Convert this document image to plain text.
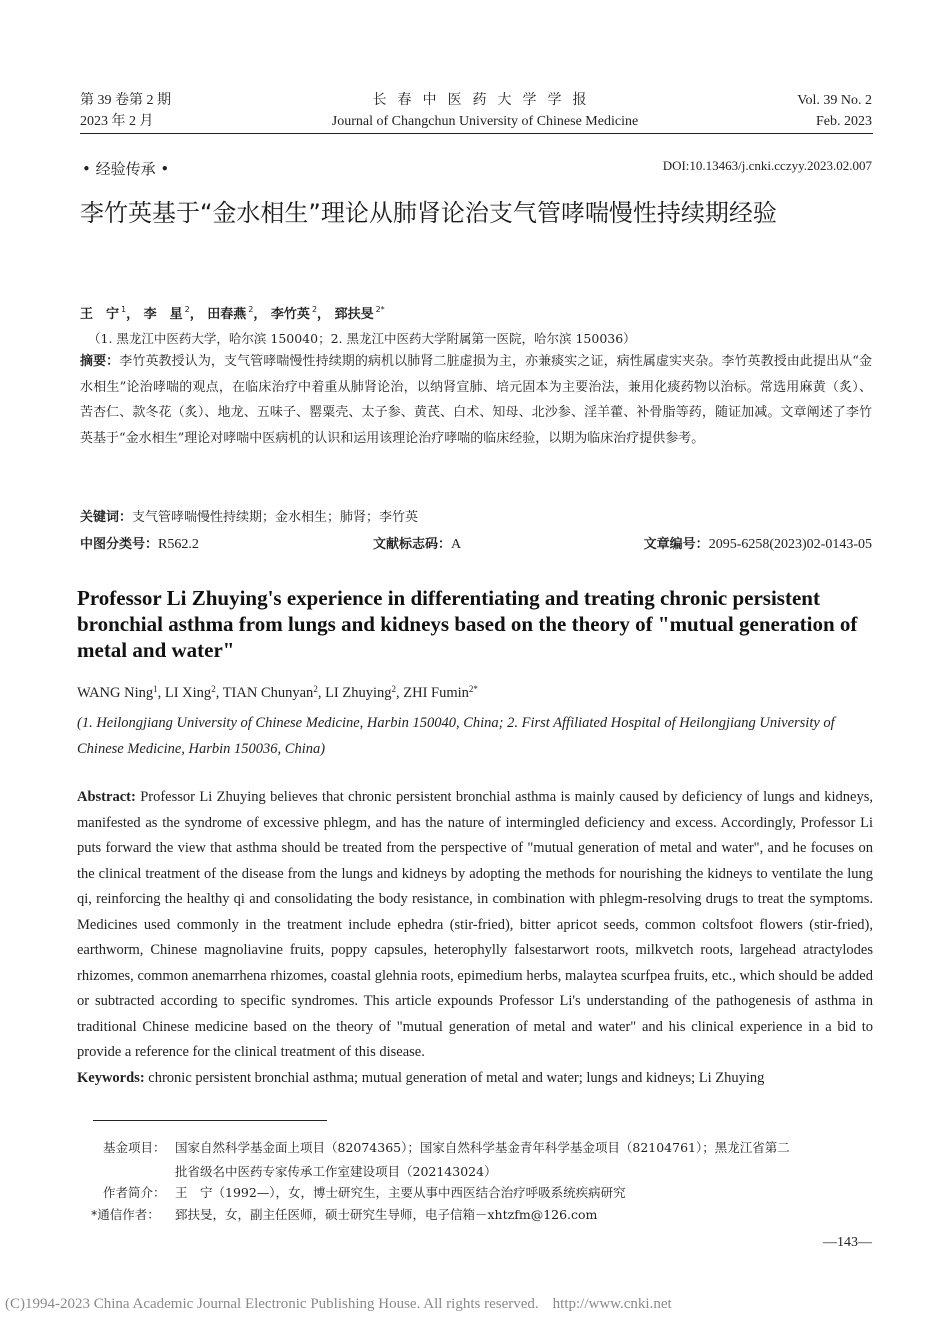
第 39 卷第 2 期
2023 年 2 月
长春中医药大学学报
Journal of Changchun University of Chinese Medicine
Vol. 39 No. 2
Feb. 2023
• 经验传承 •	DOI:10.13463/j.cnki.cczyy.2023.02.007
李竹英基于“金水相生”理论从肺肾论治支气管哮喘慢性持续期经验
王　宁 $^1$， 李　星 $^2$， 田春燕 $^2$， 李竹英 $^2$， 郅扶旻 $^{2*}$
（1. 黑龙江中医药大学，哈尔滨 150040；2. 黑龙江中医药大学附属第一医院，哈尔滨 150036）
摘要：李竹英教授认为，支气管哮喘慢性持续期的病机以肺肾二脏虚损为主，亦兼痰实之证，病性属虚实夹杂。李竹英教授由此提出从“金水相生”论治哮喘的观点，在临床治疗中着重从肺肾论治，以纳肾宣肺、培元固本为主要治法，兼用化痰药物以治标。常选用麻黄（炙）、苦杏仁、款冬花（炙）、地龙、五味子、罂粟壳、太子参、黄芪、白术、知母、北沙参、淫羊藿、补骨脂等药，随证加减。文章阐述了李竹英基于“金水相生”理论对哮喘中医病机的认识和运用该理论治疗哮喘的临床经验，以期为临床治疗提供参考。
关键词：支气管哮喘慢性持续期；金水相生；肺肾；李竹英
中图分类号：R562.2	文献标志码：A	文章编号：2095-6258(2023)02-0143-05
Professor Li Zhuying's experience in differentiating and treating chronic persistent bronchial asthma from lungs and kidneys based on the theory of "mutual generation of metal and water"
WANG Ning$^1$, LI Xing$^2$, TIAN Chunyan$^2$, LI Zhuying$^2$, ZHI Fumin$^{2*}$
(1. Heilongjiang University of Chinese Medicine, Harbin 150040, China; 2. First Affiliated Hospital of Heilongjiang University of Chinese Medicine, Harbin 150036, China)
Abstract: Professor Li Zhuying believes that chronic persistent bronchial asthma is mainly caused by deficiency of lungs and kidneys, manifested as the syndrome of excessive phlegm, and has the nature of intermingled deficiency and excess. Accordingly, Professor Li puts forward the view that asthma should be treated from the perspective of "mutual generation of metal and water", and he focuses on the clinical treatment of the disease from the lungs and kidneys by adopting the methods for nourishing the kidneys to ventilate the lung qi, reinforcing the healthy qi and consolidating the body resistance, in combination with phlegm-resolving drugs to treat the symptoms. Medicines used commonly in the treatment include ephedra (stir-fried), bitter apricot seeds, common coltsfoot flowers (stir-fried), earthworm, Chinese magnoliavine fruits, poppy capsules, heterophylly falsestarwort roots, milkvetch roots, largehead atractylodes rhizomes, common anemarrhena rhizomes, coastal glehnia roots, epimedium herbs, malaytea scurfpea fruits, etc., which should be added or subtracted according to specific syndromes. This article expounds Professor Li's understanding of the pathogenesis of asthma in traditional Chinese medicine based on the theory of "mutual generation of metal and water" and his clinical experience in a bid to provide a reference for the clinical treatment of this disease.
Keywords: chronic persistent bronchial asthma; mutual generation of metal and water; lungs and kidneys; Li Zhuying
基金项目： 国家自然科学基金面上项目（82074365）；国家自然科学基金青年科学基金项目（82104761）；黑龙江省第二
批省级名中医药专家传承工作室建设项目（202143024）
作者简介： 王　宁（1992—），女，博士研究生，主要从事中西医结合治疗呼吸系统疾病研究
*通信作者： 郅扶旻，女，副主任医师，硕士研究生导师，电子信箱－xhtzfm@126.com
—143—
(C)1994-2023 China Academic Journal Electronic Publishing House. All rights reserved. http://www.cnki.net
